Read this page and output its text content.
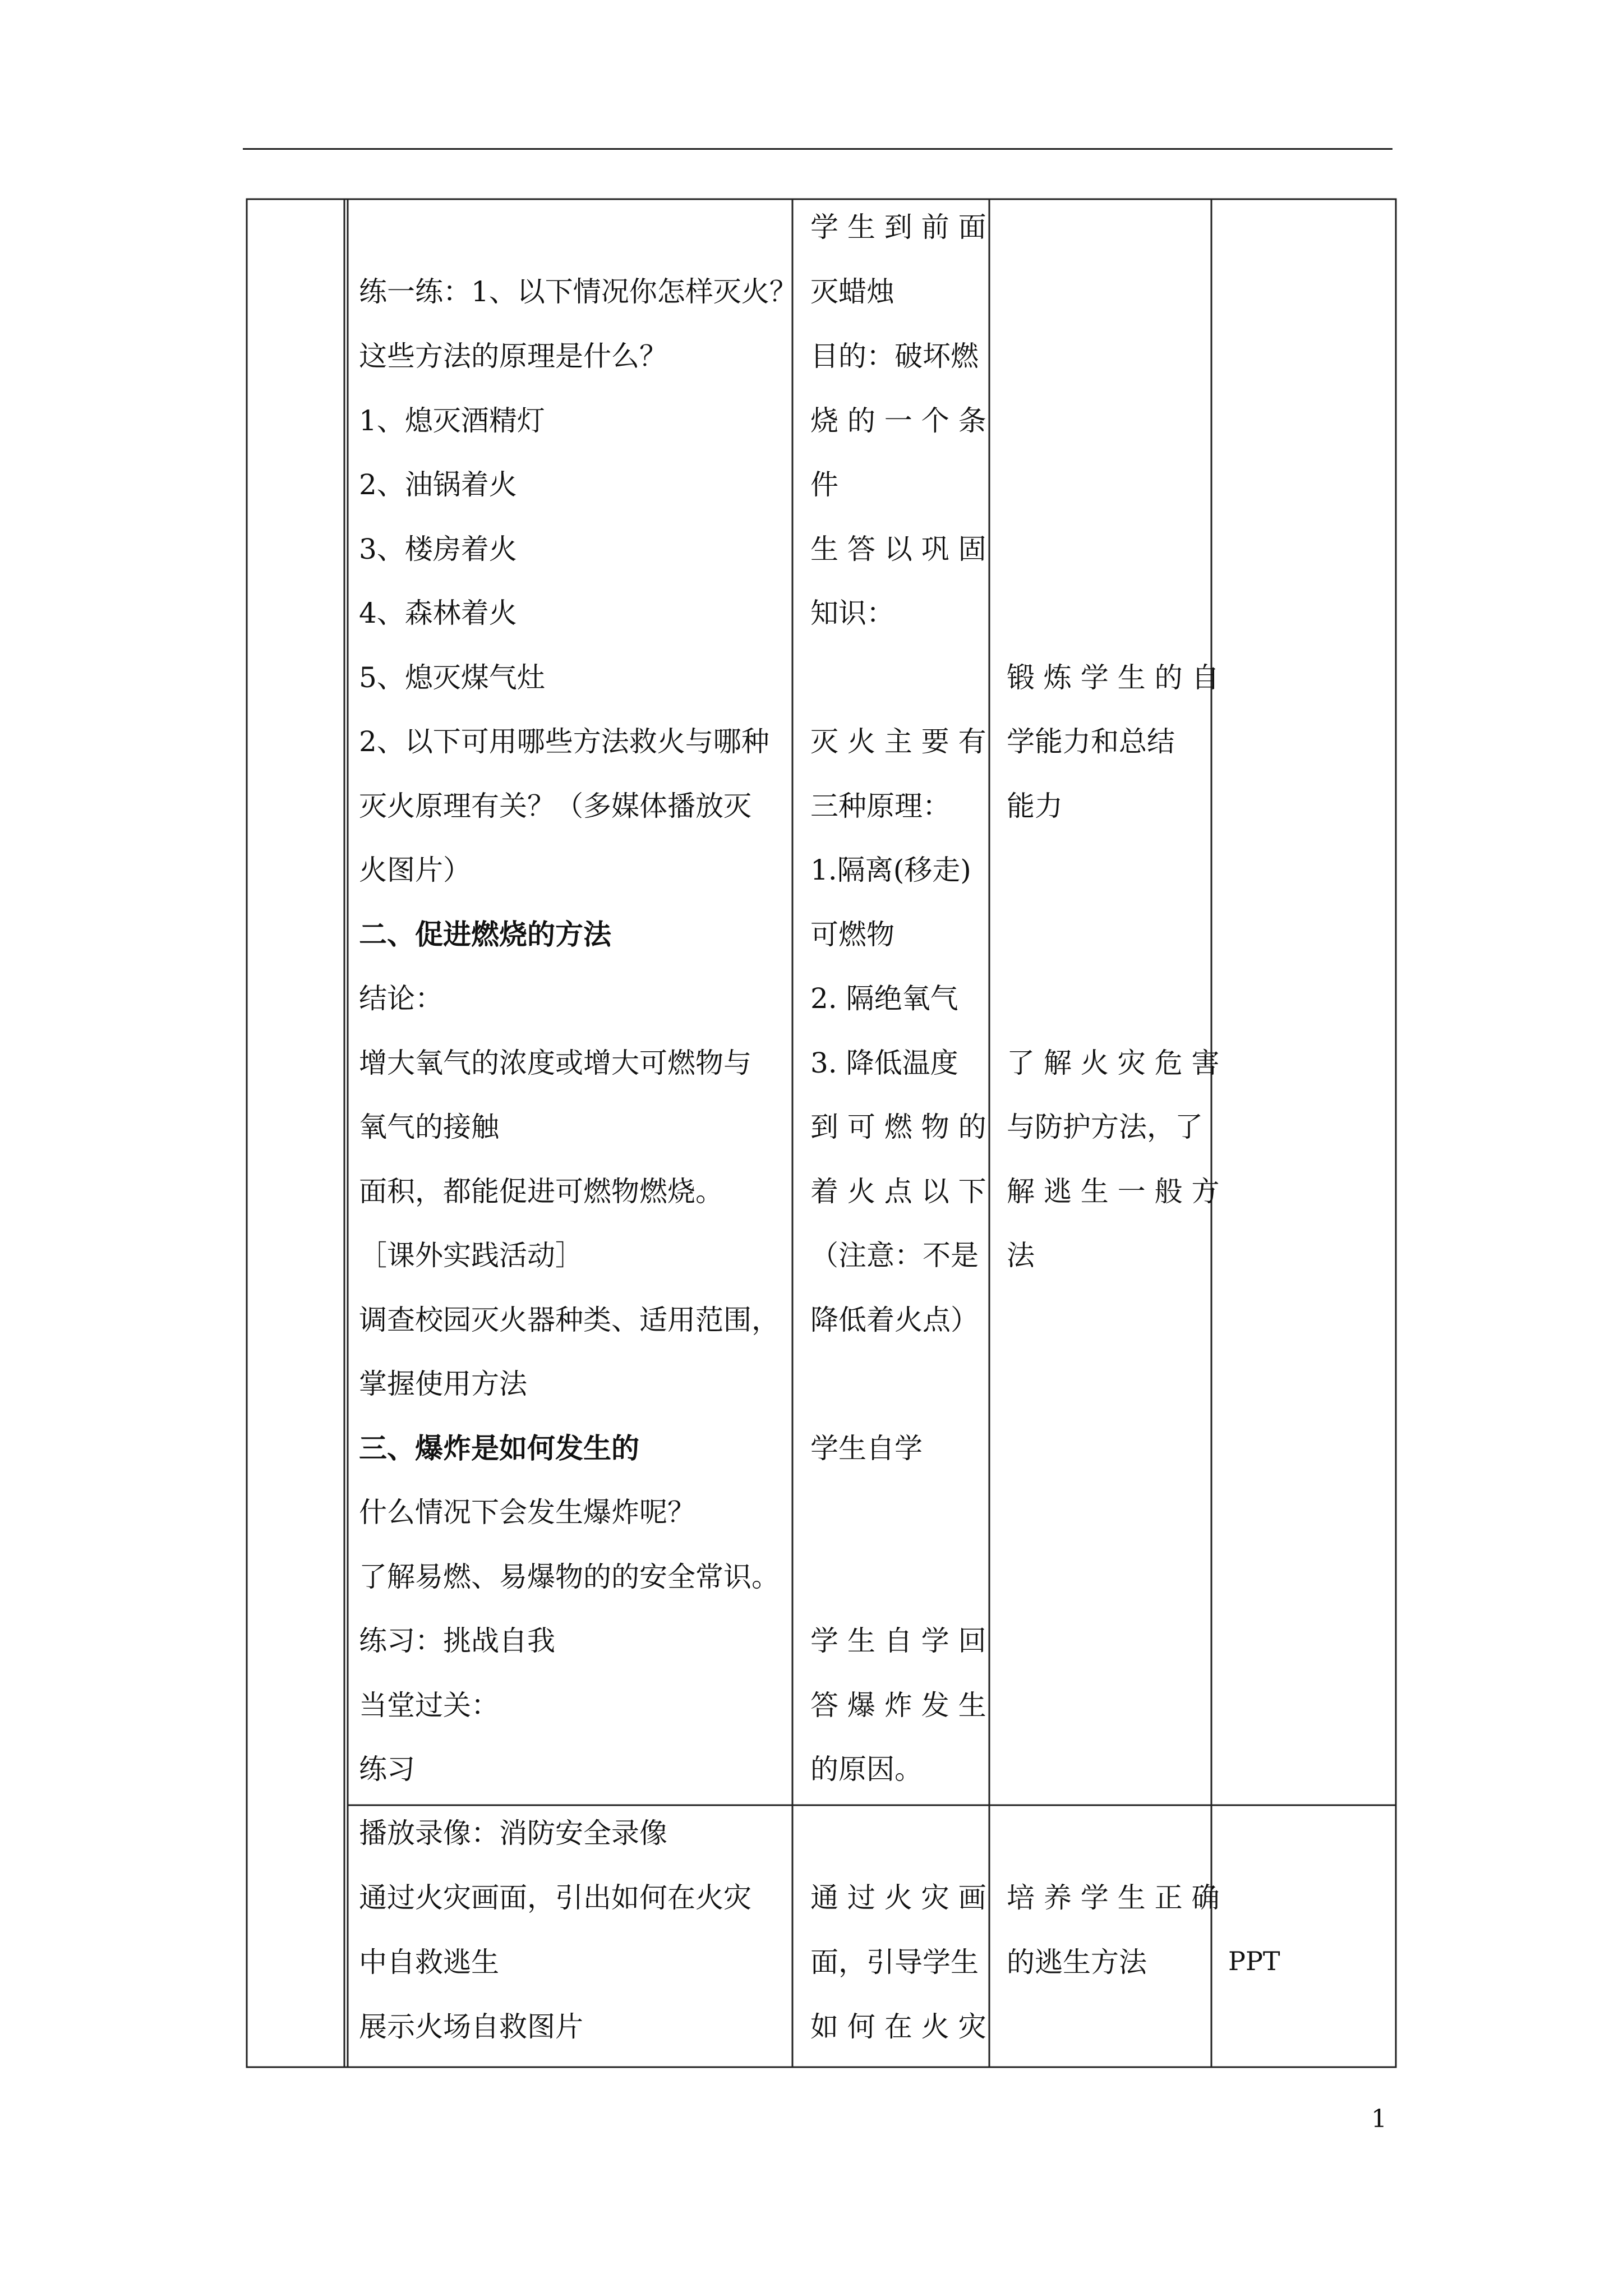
练一练：1、以下情况你怎样灭火？
这些方法的原理是什么？
1、熄灭酒精灯
2、油锅着火
3、楼房着火
4、森林着火
5、熄灭煤气灶
2、以下可用哪些方法救火与哪种
灭火原理有关？（多媒体播放灭
火图片）
二、促进燃烧的方法
结论：
增大氧气的浓度或增大可燃物与
氧气的接触
面积，都能促进可燃物燃烧。
［课外实践活动］
调查校园灭火器种类、适用范围，
掌握使用方法
三、爆炸是如何发生的
什么情况下会发生爆炸呢？
了解易燃、易爆物的的安全常识。
练习：挑战自我
当堂过关：
练习
学 生 到 前 面
灭蜡烛
目的：破坏燃
烧 的 一 个 条
件
生 答 以 巩 固
知识：
灭 火 主 要 有
三种原理：
1.隔离(移走)
可燃物
2. 隔绝氧气
3. 降低温度
到 可 燃 物 的
着 火 点 以 下
（注意：不是
降低着火点）
学生自学
学 生 自 学 回
答 爆 炸 发 生
的原因。
锻 炼 学 生 的 自
学能力和总结
能力
了 解 火 灾 危 害
与防护方法，了
解 逃 生 一 般 方
法
播放录像：消防安全录像
通过火灾画面，引出如何在火灾
中自救逃生
展示火场自救图片
通 过 火 灾 画
面，引导学生
如 何 在 火 灾
培 养 学 生 正 确
的逃生方法	PPT
1
